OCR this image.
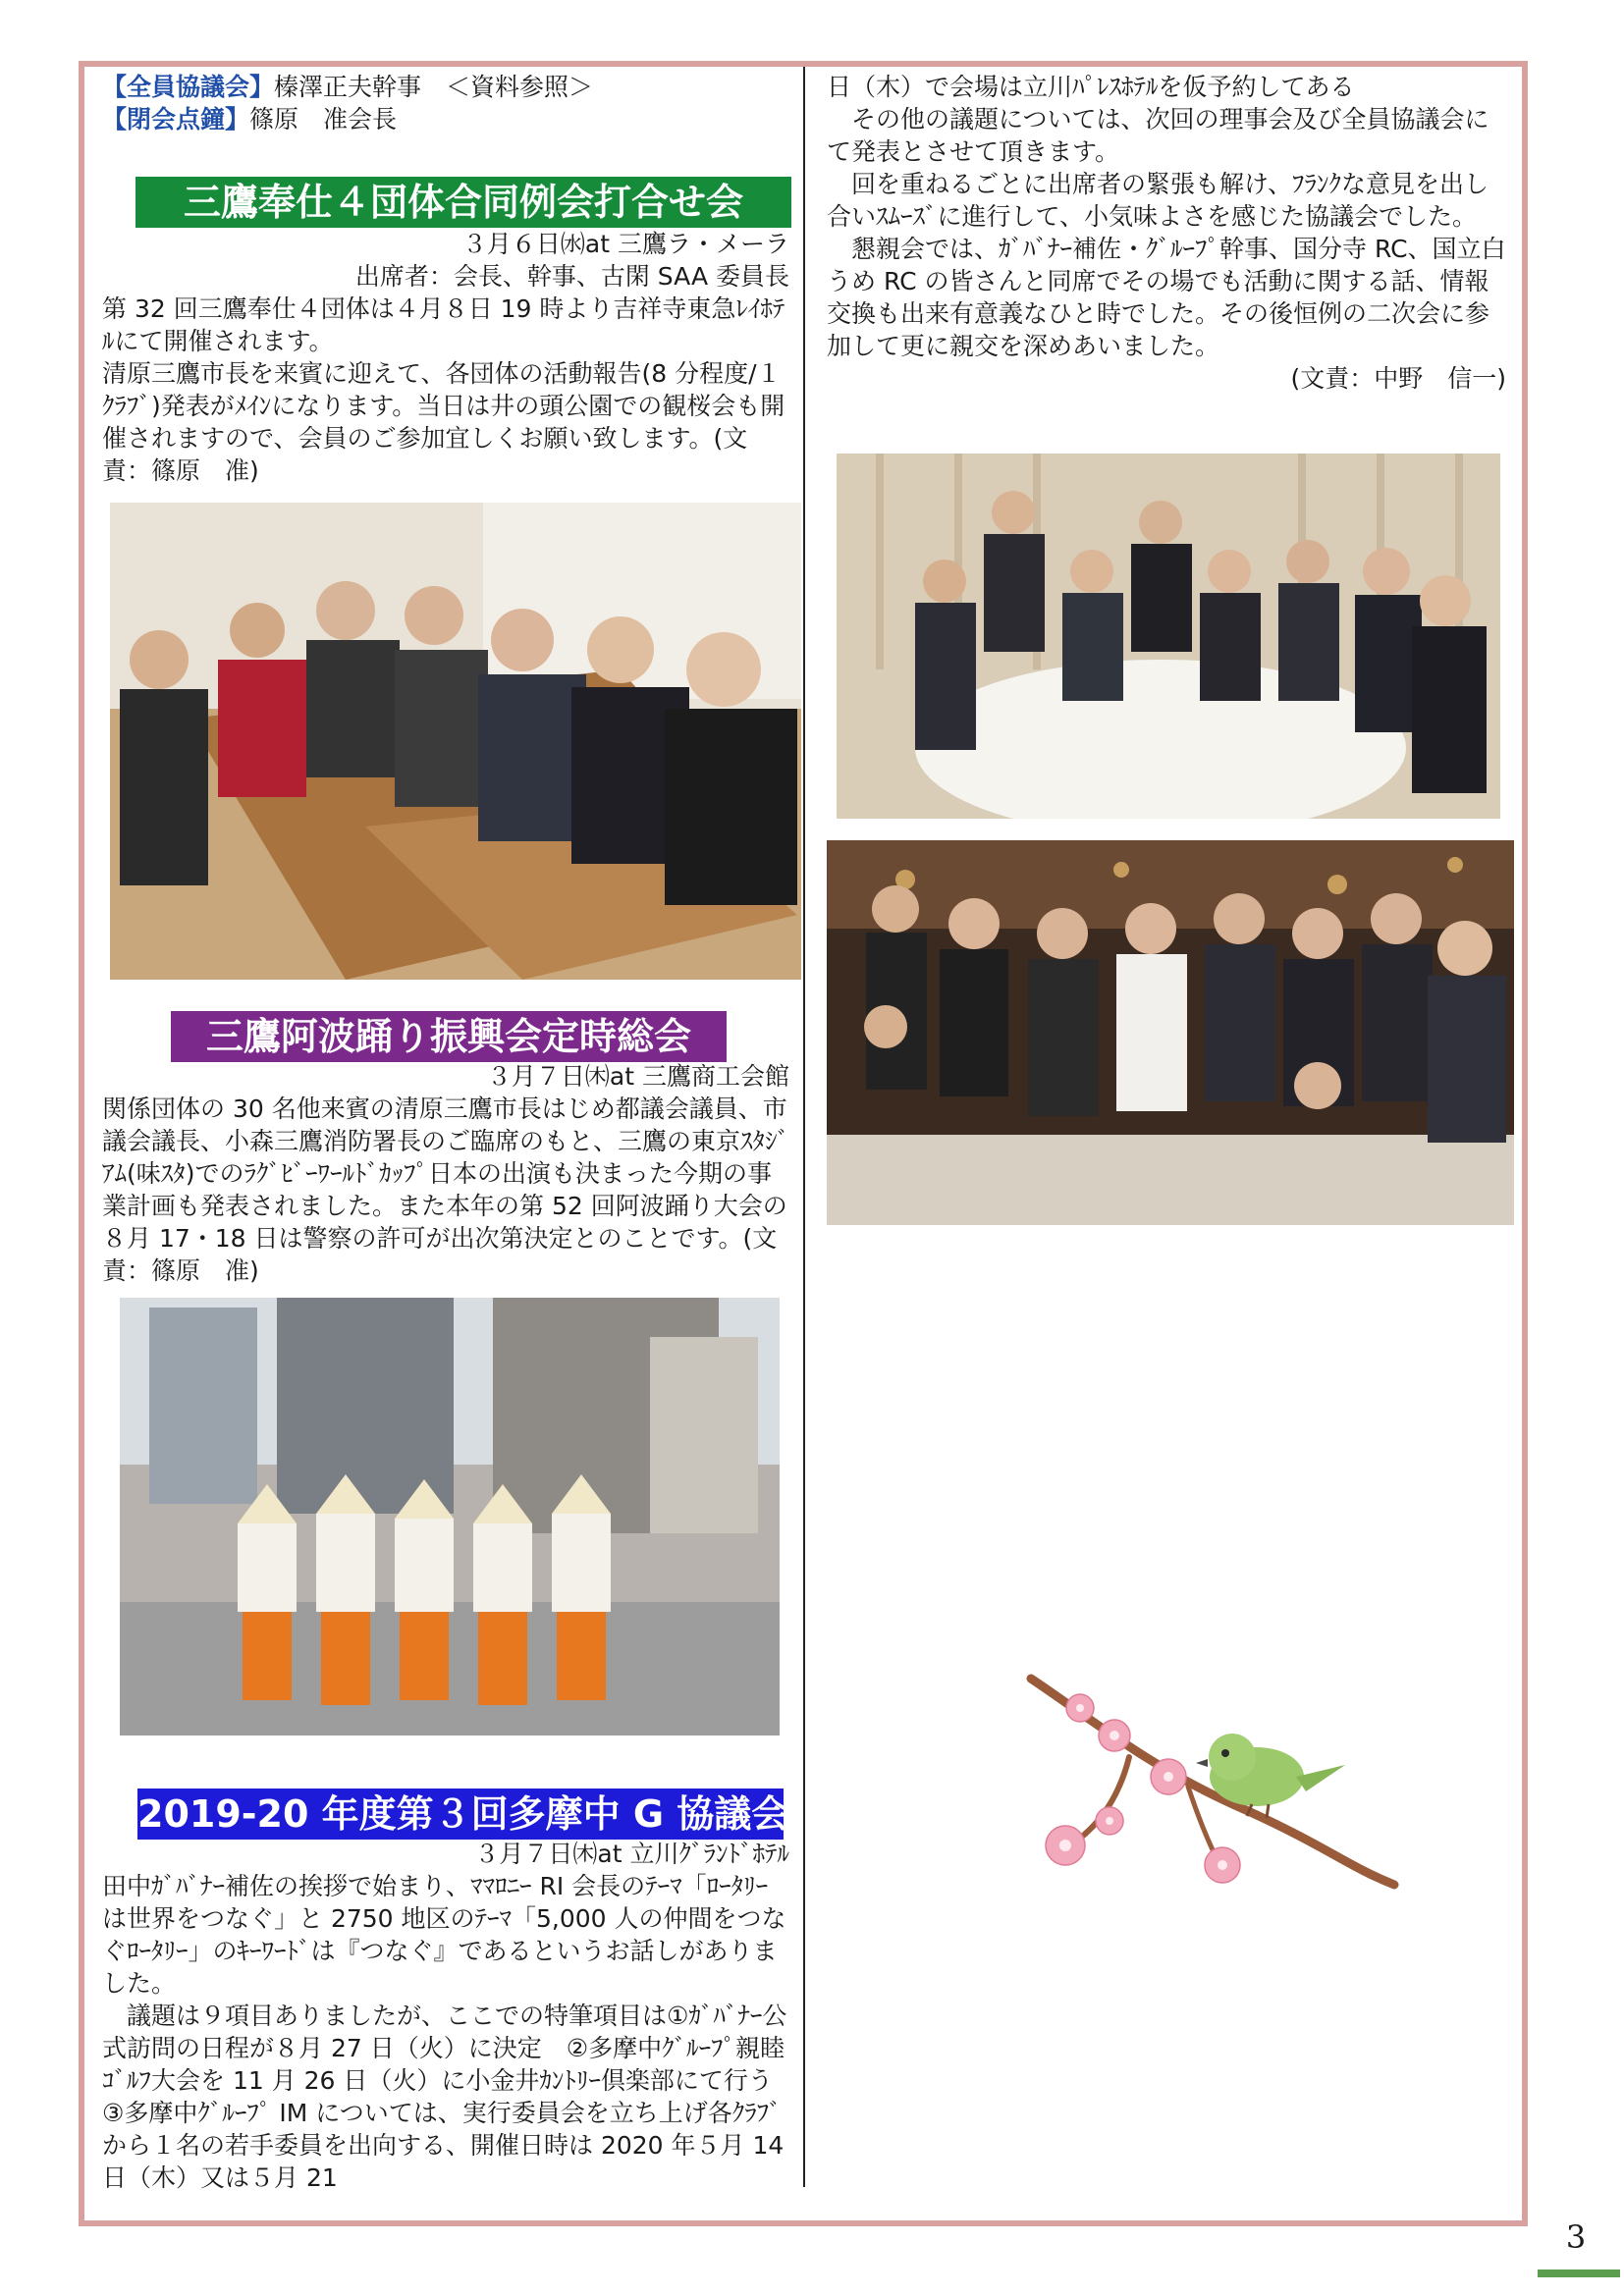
【全員協議会】榛澤正夫幹事　＜資料参照＞

【閉会点鐘】篠原　准会長

三鷹奉仕４団体合同例会打合せ会

３月６日㈬at 三鷹ラ・メーラ

出席者：会長、幹事、古閑 SAA 委員長

第 32 回三鷹奉仕４団体は４月８日 19 時より吉祥寺東急ﾚｲﾎﾃﾙにて開催されます。

清原三鷹市長を来賓に迎えて、各団体の活動報告(8 分程度/１ｸﾗﾌﾞ)発表がﾒｲﾝになります。当日は井の頭公園での観桜会も開催されますので、会員のご参加宜しくお願い致します。(文責：篠原　准)

三鷹阿波踊り振興会定時総会

３月７日㈭at 三鷹商工会館

関係団体の 30 名他来賓の清原三鷹市長はじめ都議会議員、市議会議長、小森三鷹消防署長のご臨席のもと、三鷹の東京ｽﾀｼﾞｱﾑ(味ｽﾀ)でのﾗｸﾞﾋﾞｰﾜｰﾙﾄﾞｶｯﾌﾟ日本の出演も決まった今期の事業計画も発表されました。また本年の第 52 回阿波踊り大会の８月 17・18 日は警察の許可が出次第決定とのことです。(文責：篠原　准)

2019-20 年度第３回多摩中 G 協議会

３月７日㈭at 立川ｸﾞﾗﾝﾄﾞﾎﾃﾙ

田中ｶﾞﾊﾞﾅｰ補佐の挨拶で始まり、ﾏﾏﾛﾆｰ RI 会長のﾃｰﾏ「ﾛｰﾀﾘｰは世界をつなぐ」と 2750 地区のﾃｰﾏ「5,000 人の仲間をつなぐﾛｰﾀﾘｰ」のｷｰﾜｰﾄﾞは『つなぐ』であるというお話しがありました。

議題は９項目ありましたが、ここでの特筆項目は①ｶﾞﾊﾞﾅｰ公式訪問の日程が８月 27 日（火）に決定　②多摩中ｸﾞﾙｰﾌﾟ親睦ｺﾞﾙﾌ大会を 11 月 26 日（火）に小金井ｶﾝﾄﾘｰ倶楽部にて行う　③多摩中ｸﾞﾙｰﾌﾟ IM については、実行委員会を立ち上げ各ｸﾗﾌﾞから１名の若手委員を出向する、開催日時は 2020 年５月 14 日（木）又は５月 21

日（木）で会場は立川ﾊﾟﾚｽﾎﾃﾙを仮予約してある

その他の議題については、次回の理事会及び全員協議会にて発表とさせて頂きます。

回を重ねるごとに出席者の緊張も解け、ﾌﾗﾝｸな意見を出し合いｽﾑｰｽﾞに進行して、小気味よさを感じた協議会でした。

懇親会では、ｶﾞﾊﾞﾅｰ補佐・ｸﾞﾙｰﾌﾟ幹事、国分寺 RC、国立白うめ RC の皆さんと同席でその場でも活動に関する話、情報交換も出来有意義なひと時でした。その後恒例の二次会に参加して更に親交を深めあいました。

(文責：中野　信一)

3
